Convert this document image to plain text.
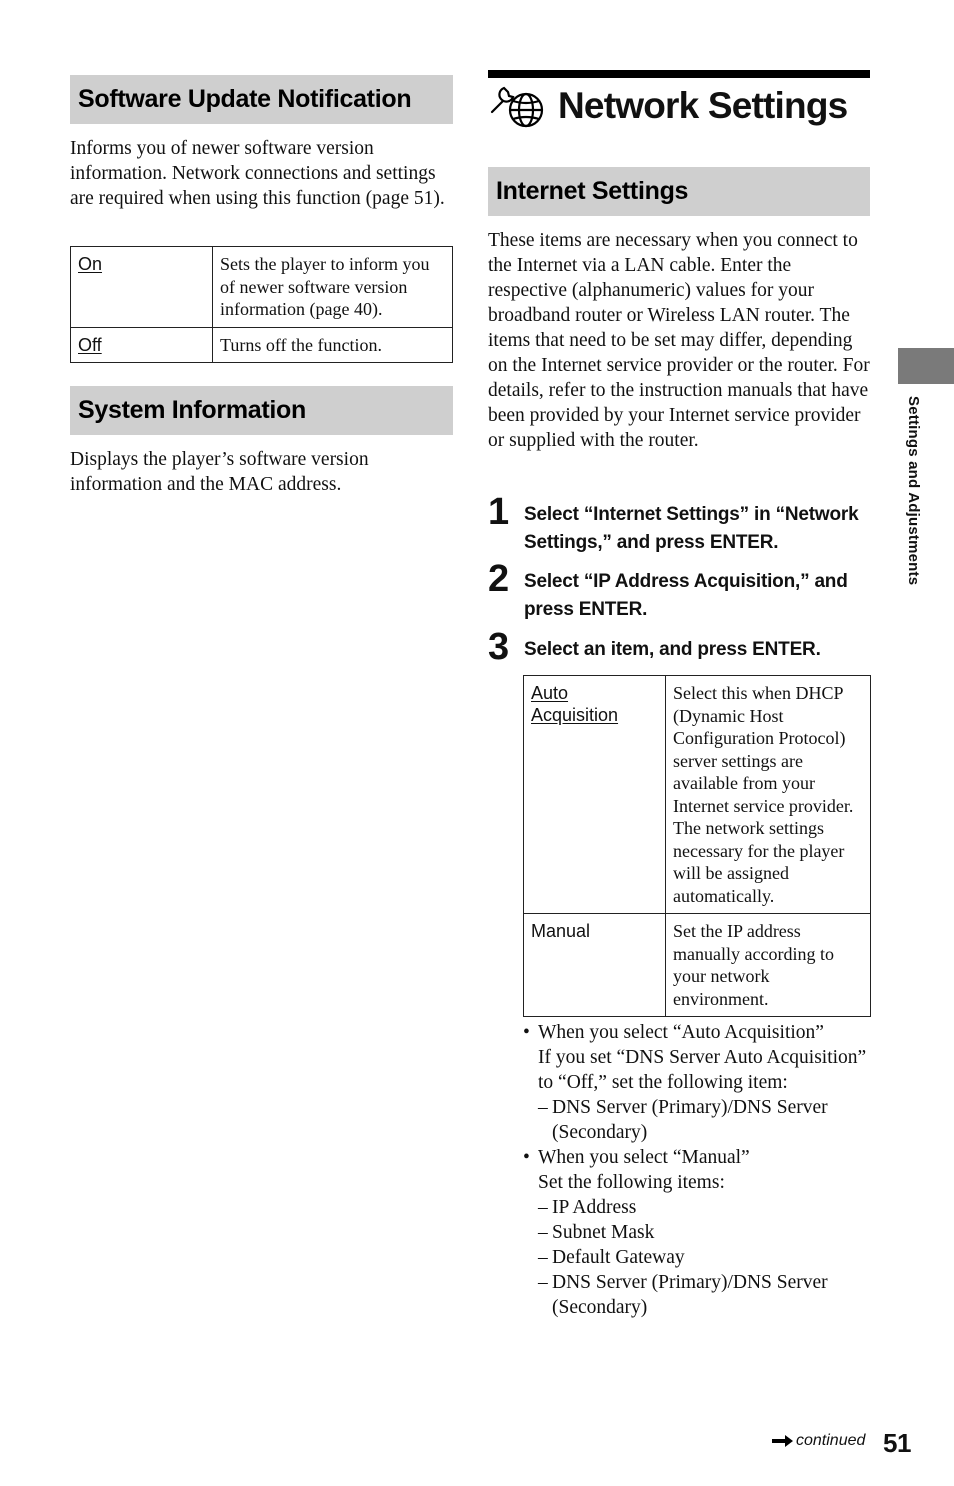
Software Update Notification
Informs you of newer software version information. Network connections and settings are required when using this function (page 51).
On	Sets the player to inform you of newer software version information (page 40).
Off	Turns off the function.
System Information
Displays the player’s software version information and the MAC address.
Network Settings
Internet Settings
These items are necessary when you connect to the Internet via a LAN cable. Enter the respective (alphanumeric) values for your broadband router or Wireless LAN router. The items that need to be set may differ, depending on the Internet service provider or the router. For details, refer to the instruction manuals that have been provided by your Internet service provider or supplied with the router.
1 Select “Internet Settings” in “Network Settings,” and press ENTER.
2 Select “IP Address Acquisition,” and press ENTER.
3 Select an item, and press ENTER.
Auto Acquisition	Select this when DHCP (Dynamic Host Configuration Protocol) server settings are available from your Internet service provider. The network settings necessary for the player will be assigned automatically.
Manual	Set the IP address manually according to your network environment.
• When you select “Auto Acquisition”
If you set “DNS Server Auto Acquisition” to “Off,” set the following item:
– DNS Server (Primary)/DNS Server (Secondary)
• When you select “Manual”
Set the following items:
– IP Address
– Subnet Mask
– Default Gateway
– DNS Server (Primary)/DNS Server (Secondary)
Settings and Adjustments
continued 51
